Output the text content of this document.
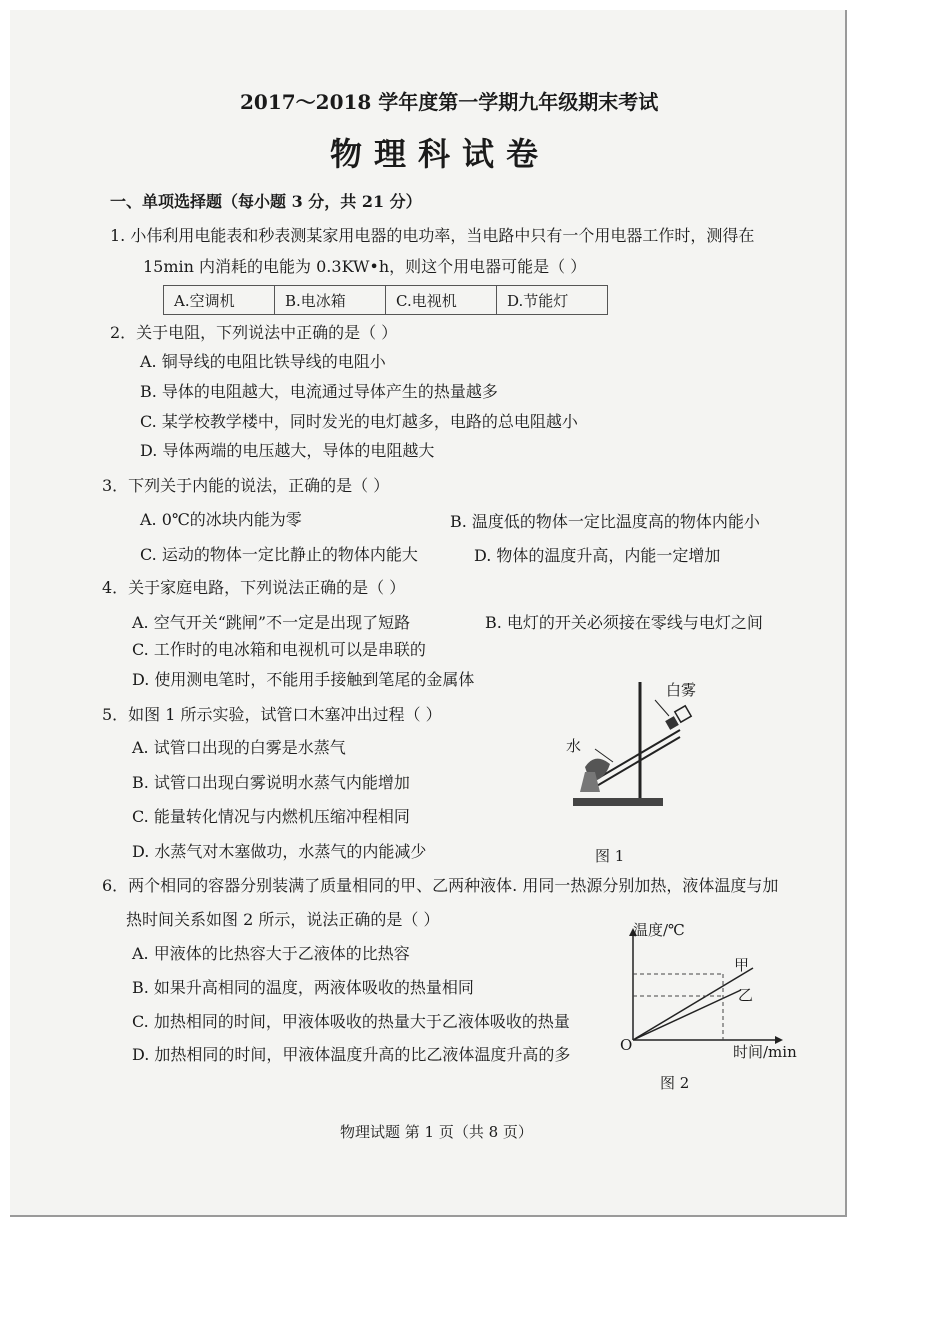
2017～2018 学年度第一学期九年级期末考试
物理科试卷
一、单项选择题（每小题 3 分，共 21 分）
1. 小伟利用电能表和秒表测某家用电器的电功率，当电路中只有一个用电器工作时，测得在
15min 内消耗的电能为 0.3KW•h，则这个用电器可能是（ ）
A.空调机	B.电冰箱	C.电视机	D.节能灯
2．关于电阻，下列说法中正确的是（ ）
A. 铜导线的电阻比铁导线的电阻小
B. 导体的电阻越大，电流通过导体产生的热量越多
C. 某学校教学楼中，同时发光的电灯越多，电路的总电阻越小
D. 导体两端的电压越大，导体的电阻越大
3．下列关于内能的说法，正确的是（ ）
A. 0℃的冰块内能为零	B. 温度低的物体一定比温度高的物体内能小
C. 运动的物体一定比静止的物体内能大	D. 物体的温度升高，内能一定增加
4．关于家庭电路，下列说法正确的是（ ）
A. 空气开关“跳闸”不一定是出现了短路	B. 电灯的开关必须接在零线与电灯之间
C. 工作时的电冰箱和电视机可以是串联的
D. 使用测电笔时，不能用手接触到笔尾的金属体
5．如图 1 所示实验，试管口木塞冲出过程（ ）
A. 试管口出现的白雾是水蒸气
B. 试管口出现白雾说明水蒸气内能增加
C. 能量转化情况与内燃机压缩冲程相同
D. 水蒸气对木塞做功，水蒸气的内能减少
白雾
水
图 1
6．两个相同的容器分别装满了质量相同的甲、乙两种液体. 用同一热源分别加热，液体温度与加
热时间关系如图 2 所示，说法正确的是（ ）
A. 甲液体的比热容大于乙液体的比热容
B. 如果升高相同的温度，两液体吸收的热量相同
C. 加热相同的时间，甲液体吸收的热量大于乙液体吸收的热量
D. 加热相同的时间，甲液体温度升高的比乙液体温度升高的多
温度/℃
甲
乙
O	时间/min
图 2
物理试题 第 1 页（共 8 页）
